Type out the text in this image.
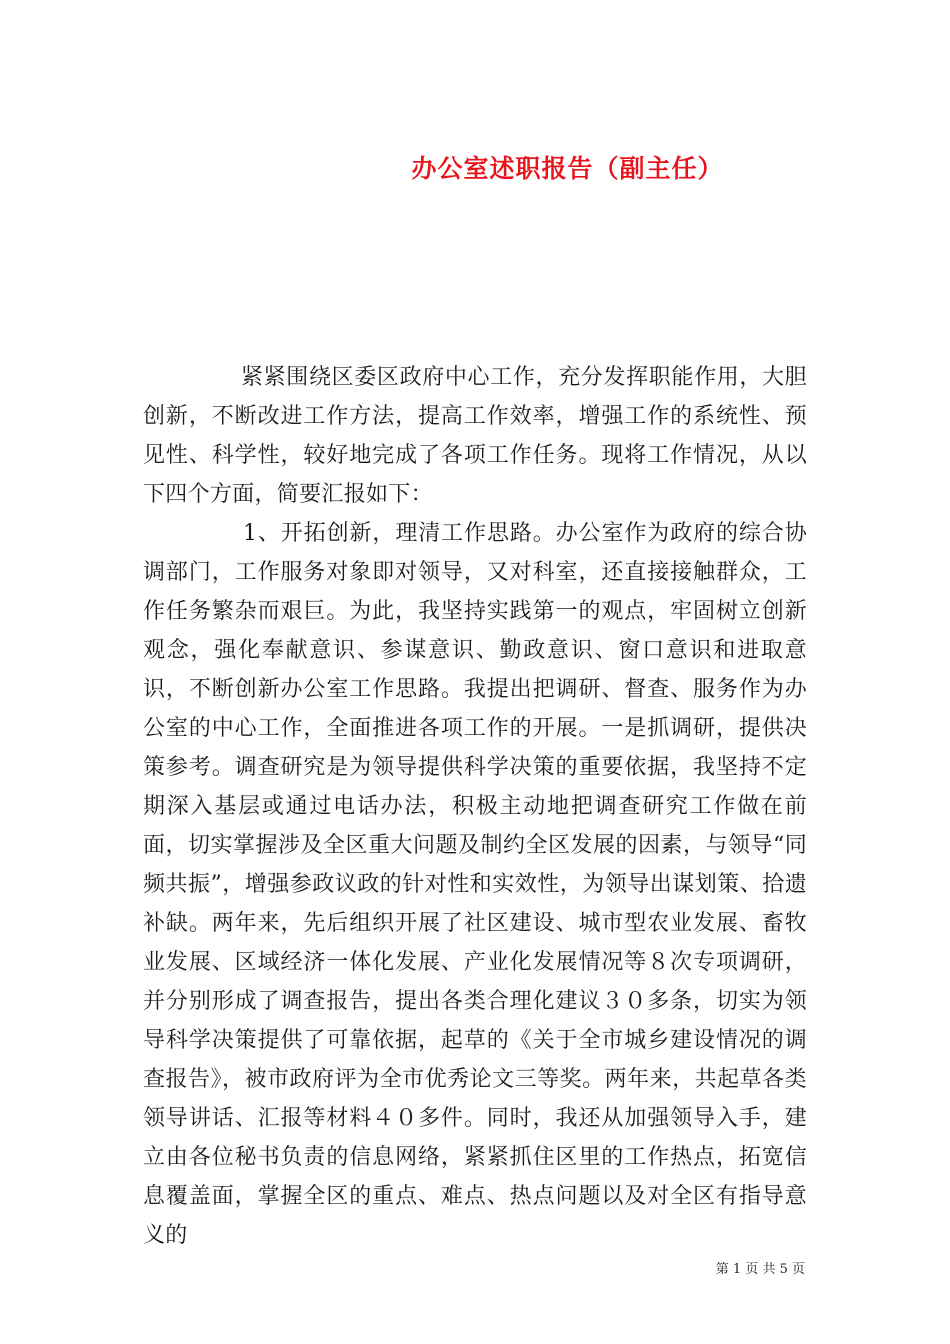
办公室述职报告（副主任）

紧紧围绕区委区政府中心工作，充分发挥职能作用，大胆创新，不断改进工作方法，提高工作效率，增强工作的系统性、预见性、科学性，较好地完成了各项工作任务。现将工作情况，从以下四个方面，简要汇报如下：

1、开拓创新，理清工作思路。办公室作为政府的综合协调部门，工作服务对象即对领导，又对科室，还直接接触群众，工作任务繁杂而艰巨。为此，我坚持实践第一的观点，牢固树立创新观念，强化奉献意识、参谋意识、勤政意识、窗口意识和进取意识，不断创新办公室工作思路。我提出把调研、督查、服务作为办公室的中心工作，全面推进各项工作的开展。一是抓调研，提供决策参考。调查研究是为领导提供科学决策的重要依据，我坚持不定期深入基层或通过电话办法，积极主动地把调查研究工作做在前面，切实掌握涉及全区重大问题及制约全区发展的因素，与领导“同频共振”，增强参政议政的针对性和实效性，为领导出谋划策、拾遗补缺。两年来，先后组织开展了社区建设、城市型农业发展、畜牧业发展、区域经济一体化发展、产业化发展情况等８次专项调研，并分别形成了调查报告，提出各类合理化建议３０多条，切实为领导科学决策提供了可靠依据，起草的《关于全市城乡建设情况的调查报告》，被市政府评为全市优秀论文三等奖。两年来，共起草各类领导讲话、汇报等材料４０多件。同时，我还从加强领导入手，建立由各位秘书负责的信息网络，紧紧抓住区里的工作热点，拓宽信息覆盖面，掌握全区的重点、难点、热点问题以及对全区有指导意义的

第 1 页 共 5 页
